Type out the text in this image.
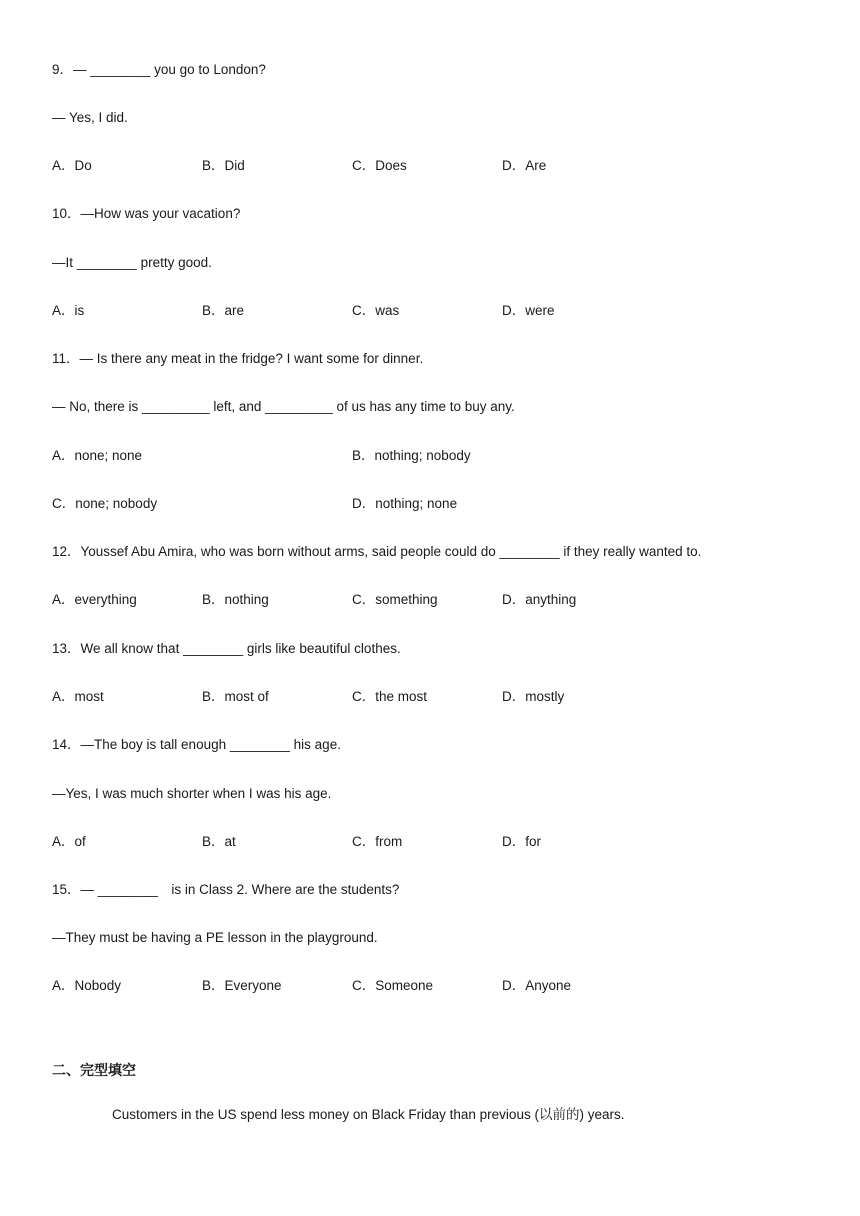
9．— ________ you go to London?
— Yes, I did.
A．Do	B．Did	C．Does	D．Are
10．—How was your vacation?
—It ________ pretty good.
A．is	B．are	C．was	D．were
11．— Is there any meat in the fridge? I want some for dinner.
— No, there is _________ left, and _________ of us has any time to buy any.
A．none; none	B．nothing; nobody
C．none; nobody	D．nothing; none
12．Youssef Abu Amira, who was born without arms, said people could do ________ if they really wanted to.
A．everything	B．nothing	C．something	D．anything
13．We all know that ________ girls like beautiful clothes.
A．most	B．most of	C．the most	D．mostly
14．—The boy is tall enough ________ his age.
—Yes, I was much shorter when I was his age.
A．of	B．at	C．from	D．for
15．— ________　is in Class 2. Where are the students?
—They must be having a PE lesson in the playground.
A．Nobody	B．Everyone	C．Someone	D．Anyone
二、完型填空
Customers in the US spend less money on Black Friday than previous (以前的) years.
